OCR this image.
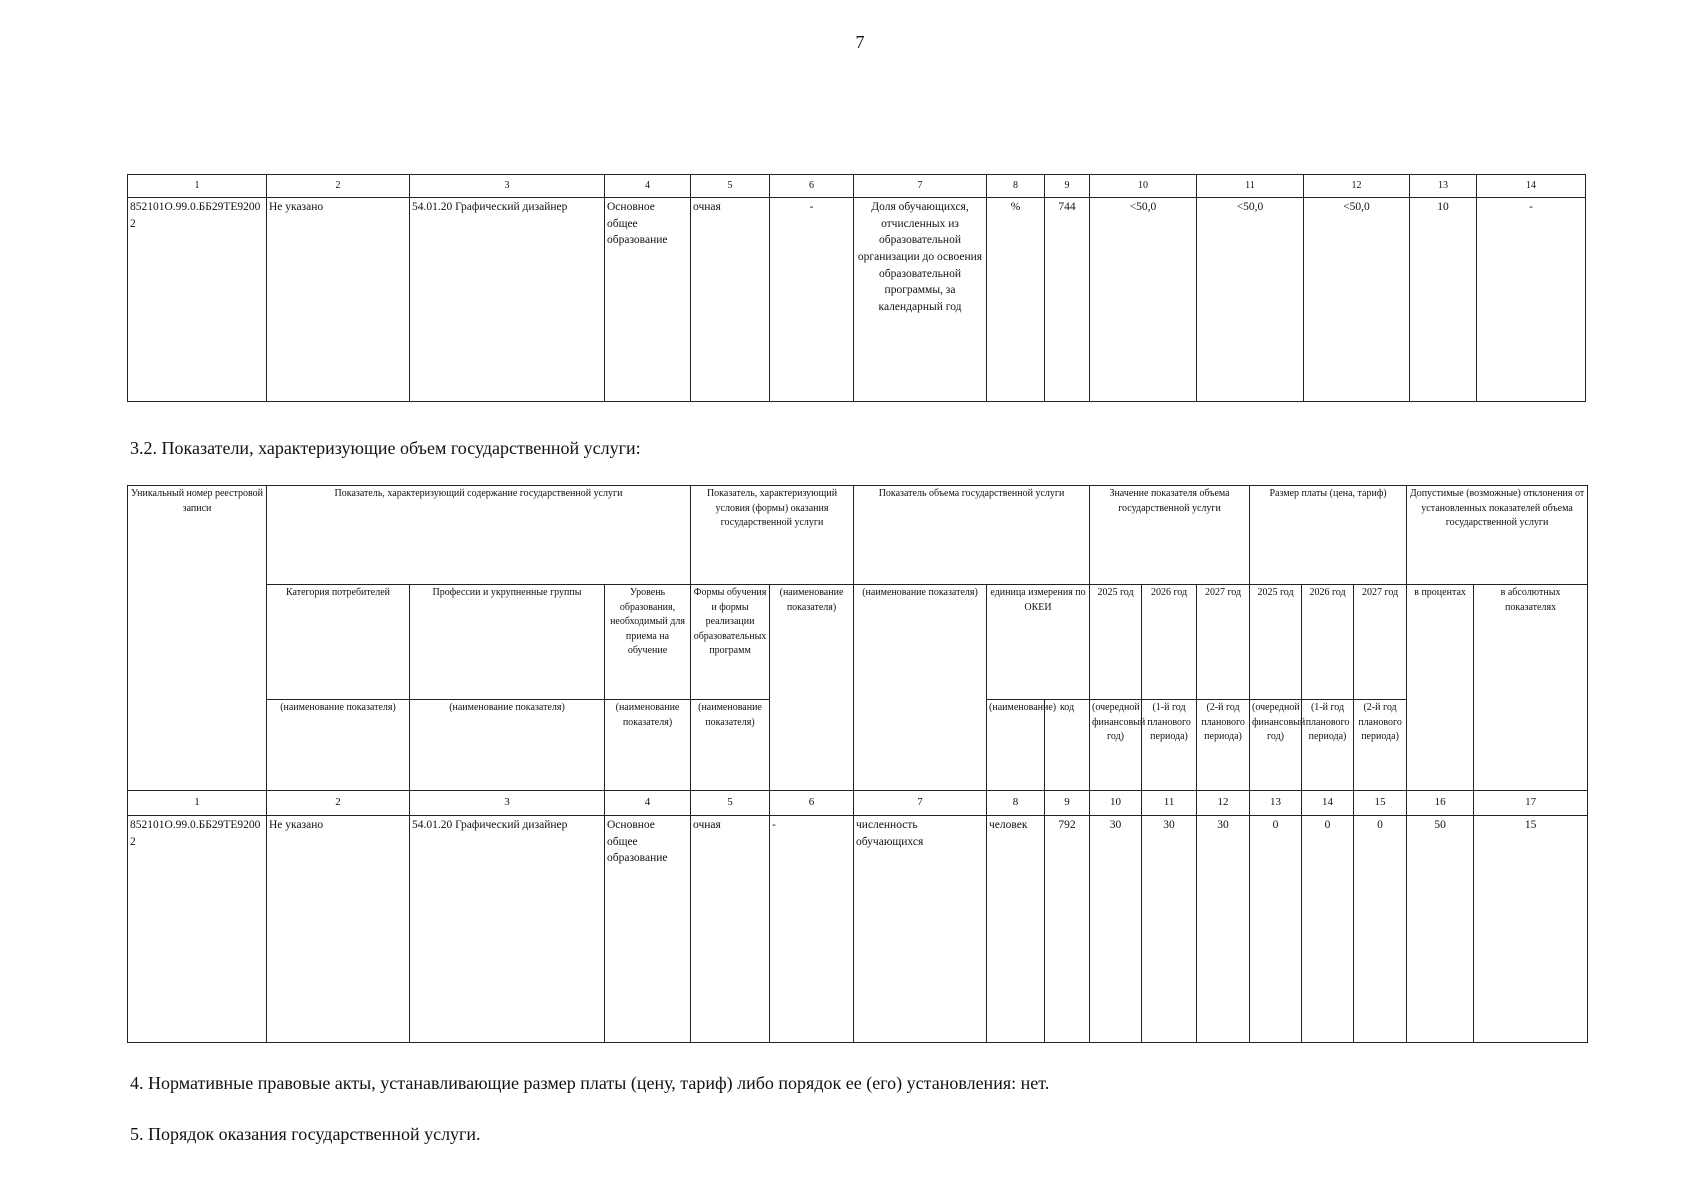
7
1	2	3	4	5	6	7	8	9	10	11	12	13	14
852101О.99.0.ББ29ТЕ92002	Не указано	54.01.20 Графический дизайнер	Основное общее образование	очная	-	Доля обучающихся, отчисленных из образовательной организации до освоения образовательной программы, за календарный год	%	744	<50,0	<50,0	<50,0	10	-
3.2. Показатели, характеризующие объем государственной услуги:
Уникальный номер реестровой записи	Показатель, характеризующий содержание государственной услуги			Показатель, характеризующий условия (формы) оказания государственной услуги		Показатель объема государственной услуги			Значение показателя объема государственной услуги			Размер платы (цена, тариф)			Допустимые (возможные) отклонения от установленных показателей объема государственной услуги	
	Категория потребителей	Профессии и укрупненные группы	Уровень образования, необходимый для приема на обучение	Формы обучения и формы реализации образовательных программ	(наименование показателя)	(наименование показателя)	единица измерения по ОКЕИ		2025 год	2026 год	2027 год	2025 год	2026 год	2027 год	в процентах	в абсолютных показателях
	(наименование показателя)	(наименование показателя)	(наименование показателя)	(наименование показателя)			(наименование)	код	(очередной финансовый год)	(1-й год планового периода)	(2-й год планового периода)	(очередной финансовый год)	(1-й год планового периода)	(2-й год планового периода)		
1	2	3	4	5	6	7	8	9	10	11	12	13	14	15	16	17
852101О.99.0.ББ29ТЕ92002	Не указано	54.01.20 Графический дизайнер	Основное общее образование	очная	-	численность обучающихся	человек	792	30	30	30	0	0	0	50	15
4. Нормативные правовые акты, устанавливающие размер платы (цену, тариф) либо порядок ее (его) установления: нет.
5. Порядок оказания государственной услуги.
